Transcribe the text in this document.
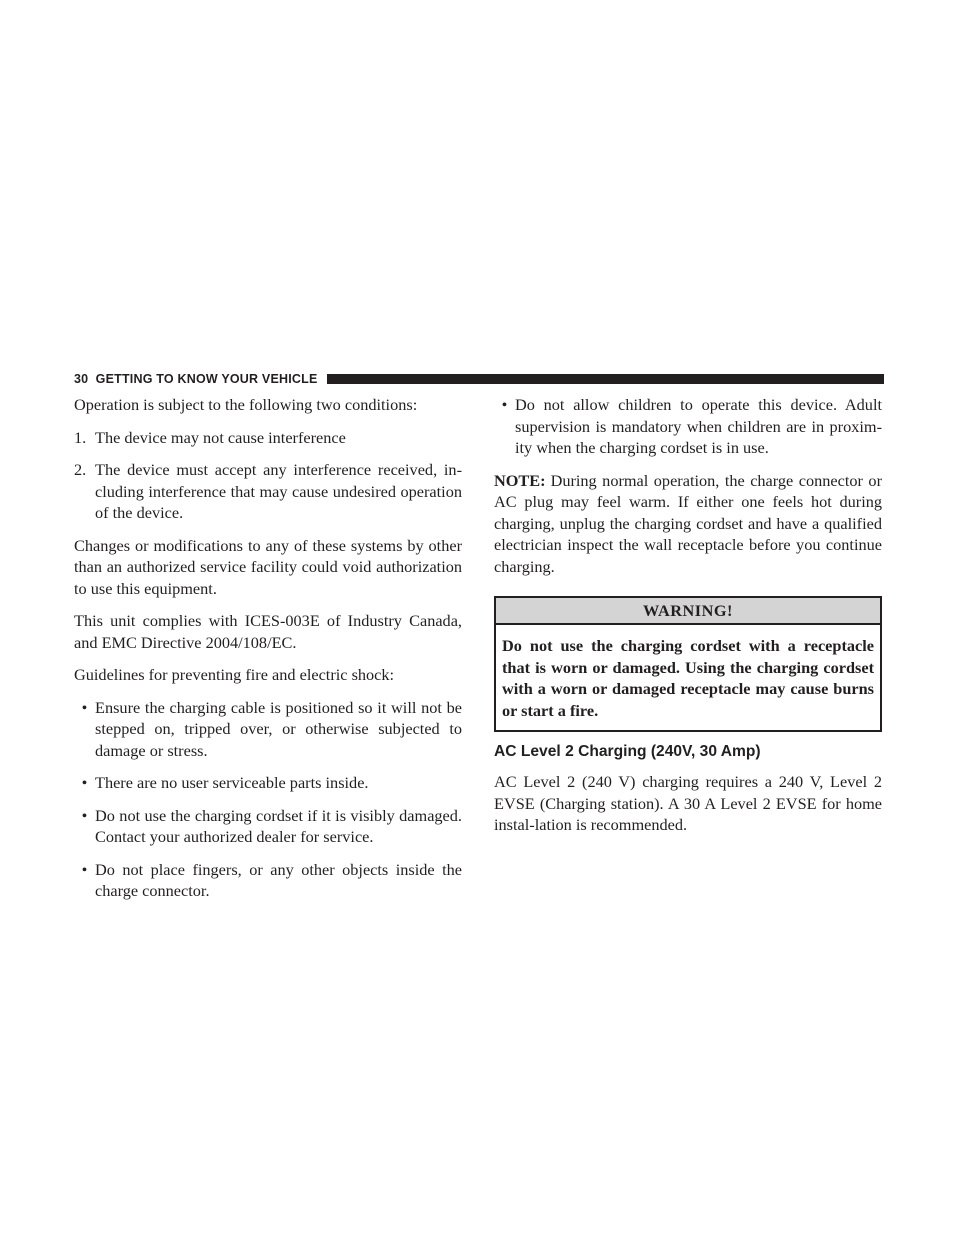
30 GETTING TO KNOW YOUR VEHICLE

Operation is subject to the following two conditions:

1. The device may not cause interference
2. The device must accept any interference received, in-cluding interference that may cause undesired operation of the device.

Changes or modifications to any of these systems by other than an authorized service facility could void authorization to use this equipment.

This unit complies with ICES-003E of Industry Canada, and EMC Directive 2004/108/EC.

Guidelines for preventing fire and electric shock:

• Ensure the charging cable is positioned so it will not be stepped on, tripped over, or otherwise subjected to damage or stress.
• There are no user serviceable parts inside.
• Do not use the charging cordset if it is visibly damaged. Contact your authorized dealer for service.
• Do not place fingers, or any other objects inside the charge connector.
• Do not allow children to operate this device. Adult supervision is mandatory when children are in proxim-ity when the charging cordset is in use.

NOTE: During normal operation, the charge connector or AC plug may feel warm. If either one feels hot during charging, unplug the charging cordset and have a qualified electrician inspect the wall receptacle before you continue charging.

WARNING!
Do not use the charging cordset with a receptacle that is worn or damaged. Using the charging cordset with a worn or damaged receptacle may cause burns or start a fire.
AC Level 2 Charging (240V, 30 Amp)

AC Level 2 (240 V) charging requires a 240 V, Level 2 EVSE (Charging station). A 30 A Level 2 EVSE for home instal-lation is recommended.
